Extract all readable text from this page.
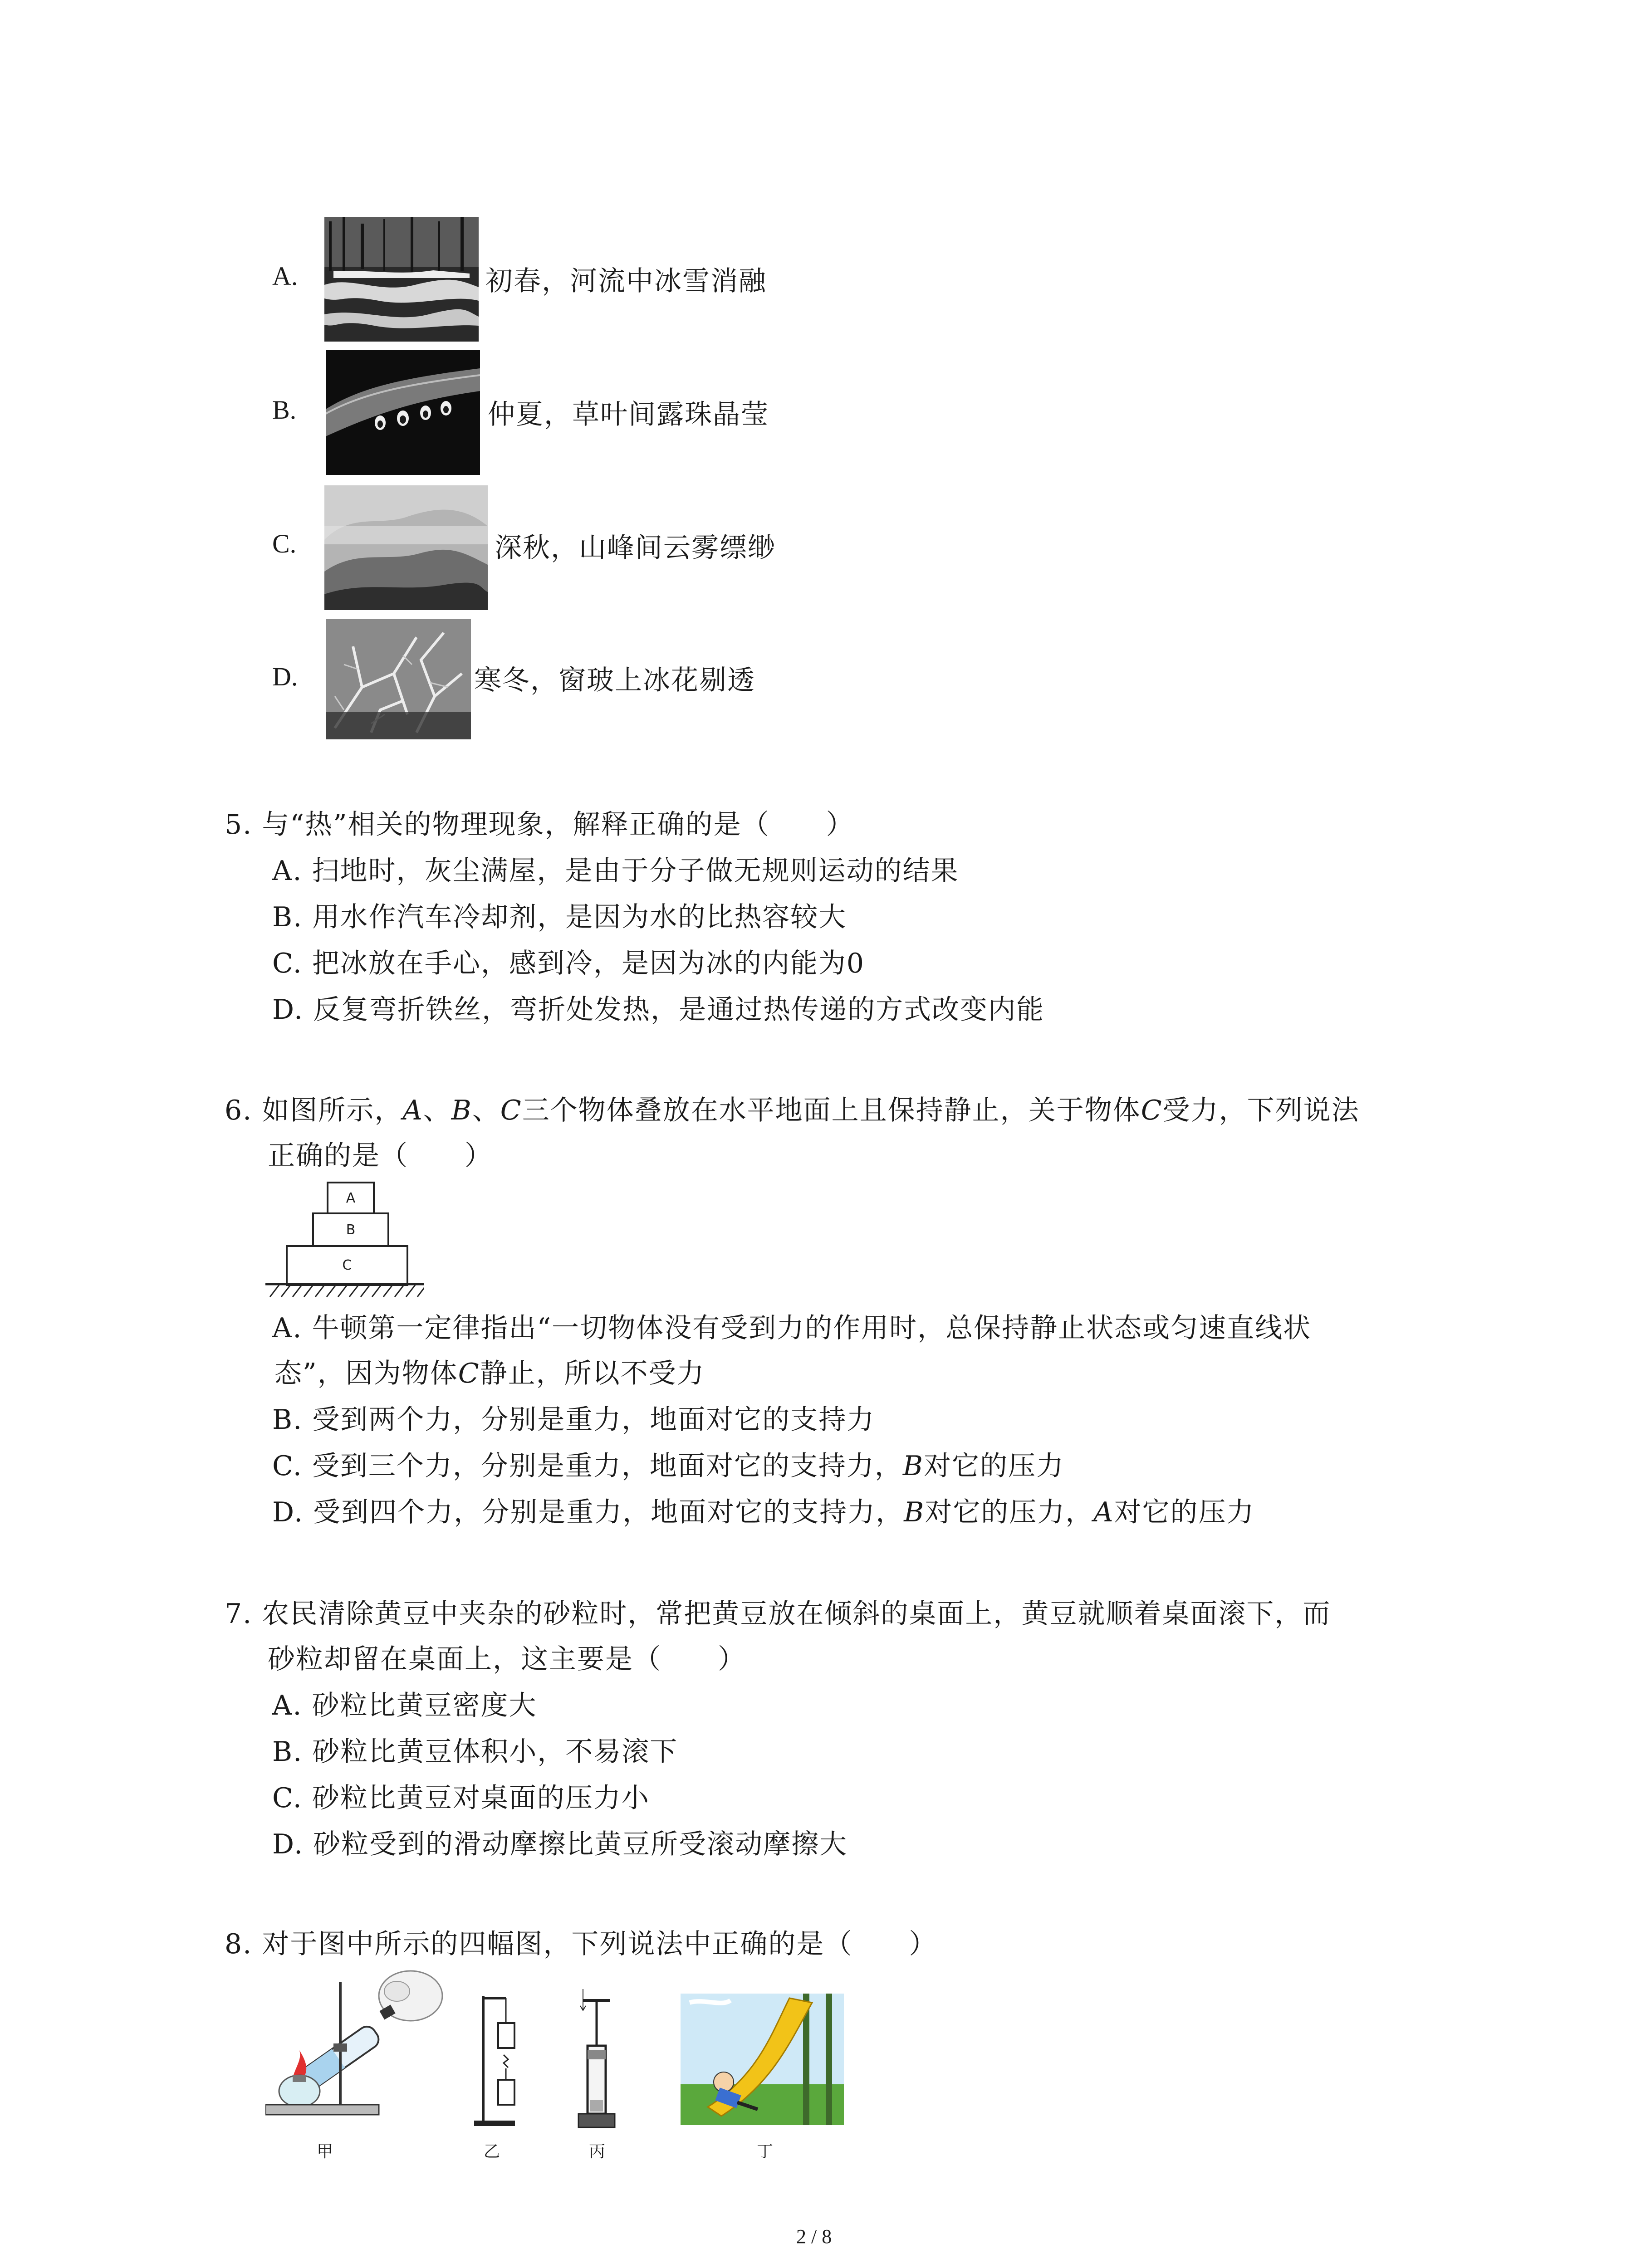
A.	初春，河流中冰雪消融
B.	仲夏，草叶间露珠晶莹
C.	深秋，山峰间云雾缥缈
D.	寒冬，窗玻上冰花剔透
5. 与“热”相关的物理现象，解释正确的是（　　）
A. 扫地时，灰尘满屋，是由于分子做无规则运动的结果
B. 用水作汽车冷却剂，是因为水的比热容较大
C. 把冰放在手心，感到冷，是因为冰的内能为0
D. 反复弯折铁丝，弯折处发热，是通过热传递的方式改变内能
6. 如图所示，A、B、C三个物体叠放在水平地面上且保持静止，关于物体C受力，下列说法
正确的是（　　）
A
B
C
A. 牛顿第一定律指出“一切物体没有受到力的作用时，总保持静止状态或匀速直线状
态”，因为物体C静止，所以不受力
B. 受到两个力，分别是重力，地面对它的支持力
C. 受到三个力，分别是重力，地面对它的支持力，B对它的压力
D. 受到四个力，分别是重力，地面对它的支持力，B对它的压力，A对它的压力
7. 农民清除黄豆中夹杂的砂粒时，常把黄豆放在倾斜的桌面上，黄豆就顺着桌面滚下，而
砂粒却留在桌面上，这主要是（　　）
A. 砂粒比黄豆密度大
B. 砂粒比黄豆体积小，不易滚下
C. 砂粒比黄豆对桌面的压力小
D. 砂粒受到的滑动摩擦比黄豆所受滚动摩擦大
8. 对于图中所示的四幅图，下列说法中正确的是（　　）
甲	乙	丙	丁
2 / 8
